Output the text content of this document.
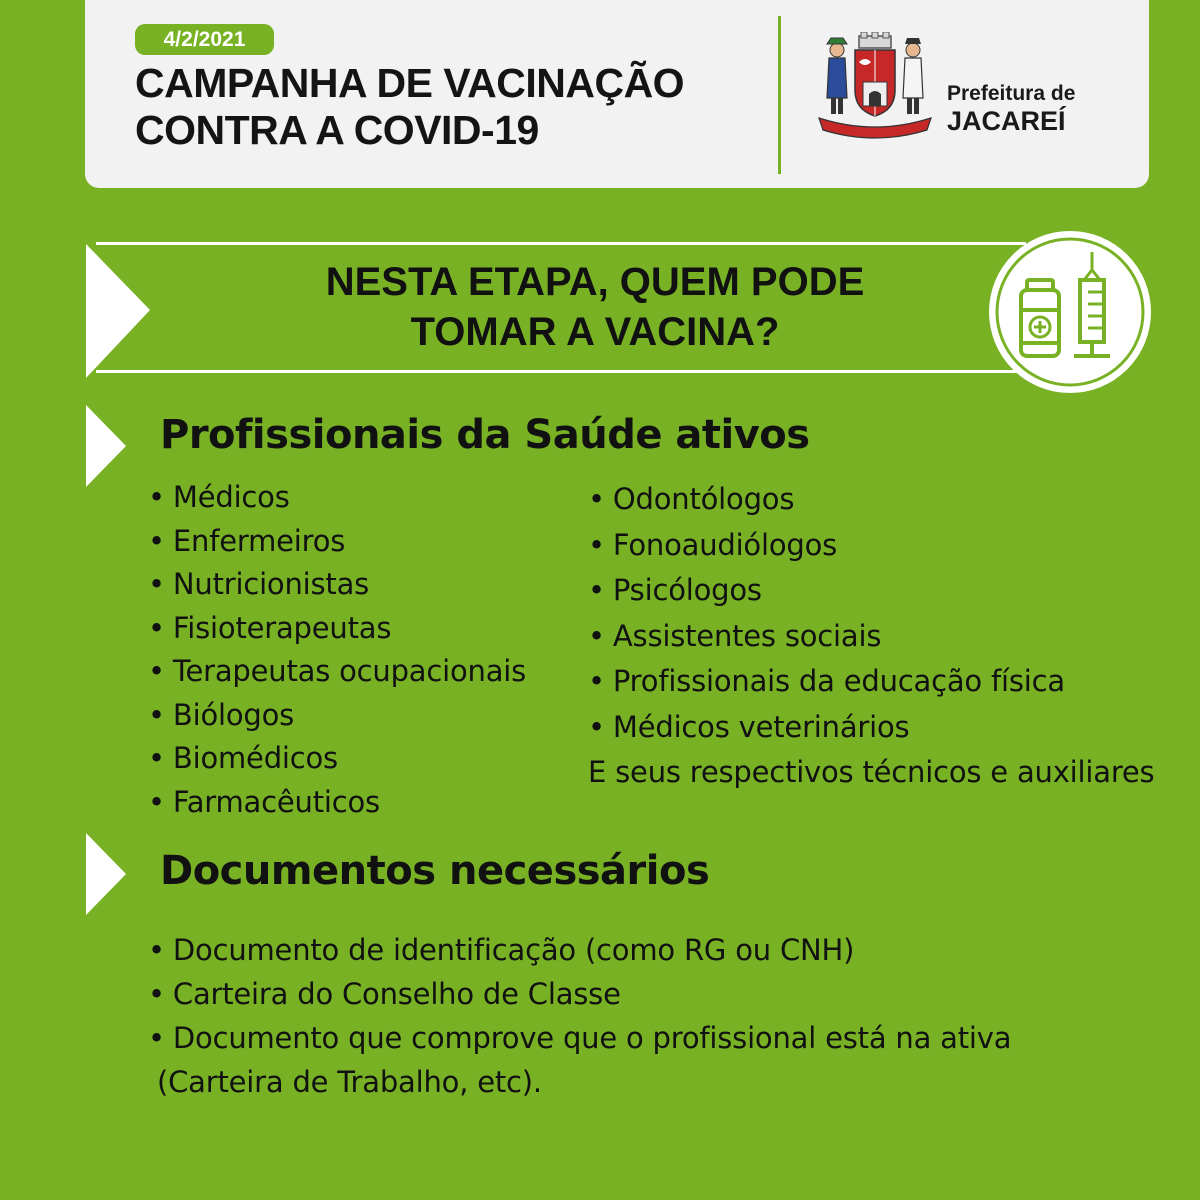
4/2/2021
CAMPANHA DE VACINAÇÃO
CONTRA A COVID-19
Prefeitura de
JACAREÍ
NESTA ETAPA, QUEM PODE
TOMAR A VACINA?
Profissionais da Saúde ativos
• Médicos
• Enfermeiros
• Nutricionistas
• Fisioterapeutas
• Terapeutas ocupacionais
• Biólogos
• Biomédicos
• Farmacêuticos
• Odontólogos
• Fonoaudiólogos
• Psicólogos
• Assistentes sociais
• Profissionais da educação física
• Médicos veterinários
E seus respectivos técnicos e auxiliares
Documentos necessários
• Documento de identificação (como RG ou CNH)
• Carteira do Conselho de Classe
• Documento que comprove que o profissional está na ativa
(Carteira de Trabalho, etc).
